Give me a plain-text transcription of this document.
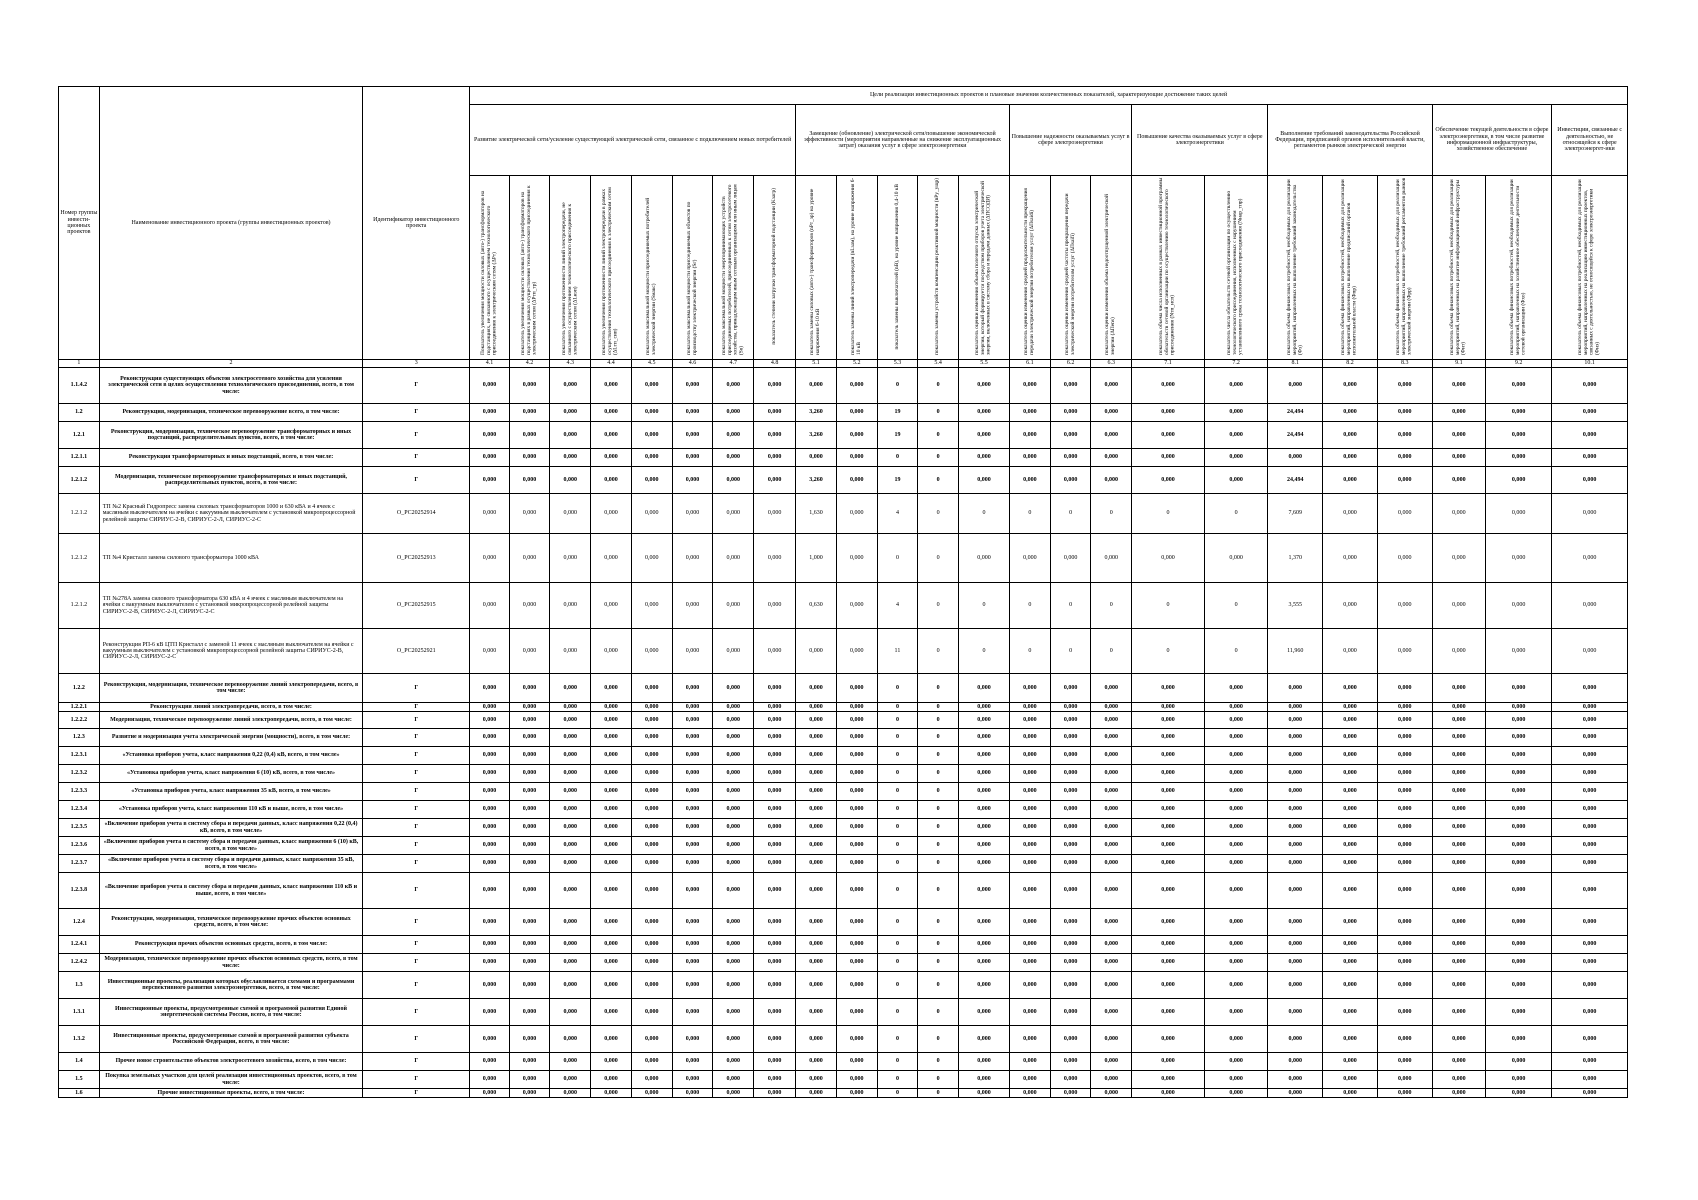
Номер группы инвести-ционных проектов	Наименование инвестиционного проекта (группы инвестиционных проектов)	Идентификатор инвестиционного проекта	Цели реализации инвестиционных проектов и плановые значения количественных показателей, характеризующие достижение таких целей																							
			Развитие электрической сети/усиление существующей электрической сети, связанное с подключением новых потребителей								Замещение (обновление) электрической сети/повышение экономической эффективности (мероприятия направленные на снижение эксплуатационных затрат) оказания услуг в сфере электроэнергетики					Повышение надежности оказываемых услуг в сфере электроэнергетики			Повышение качества оказываемых услуг в сфере электроэнергетики		Выполнение требований законодательства Российской Федерации, предписаний органов исполнительной власти, регламентов рынков электрической энергии			Обеспечение текущей деятельности в сфере электроэнергетики, в том числе развитие информационной инфраструктуры, хозяйственное обеспечение		Инвестиции, связанные с деятельностью, не относящейся к сфере электроэнергет-ики
			Показатель увеличения мощности силовых (авто-) трансформаторов на подстанциях, не связанного с осуществлением технологического присоединения к электрическим сетям (ΔPт)	показатель увеличения мощности силовых (авто-) трансформаторов на подстанциях в рамках осуществления технологического присоединения к электрическим сетям (ΔPтп_тр)	показатель увеличения протяженности линий электропередачи, не связанного с осуществлением технологического присоединения к электрическим сетям (ΔLнэп)	показатель увеличения протяженности линий электропередачи в рамках осуществления технологического присоединения к электрическим сетям (ΔLтп_сип)	показатель максимальной мощности присоединяемых потребителей электрической энергии (Sмакс)	показатель максимальной мощности присоединяемых объектов по производству электрической энергии (Sг)	показатель максимальной мощности энергопринимающих устройств присоединяемых потребителей, присоединенных к сетям электросетевого хозяйства, принадлежащим иным сетевым организациям или иным лицам (Sя)	показатель степени загрузки трансформаторной подстанции (Kзагр)	показатель замены силовых (авто-) трансформаторов (nPт_зр) на уровне напряжения 6-10 кВ	показатель замены линий электропередачи (nLзам), на уровне напряжения 6-10 кВ	показатель замены выключателей (nВ), на уровне напряжения 0,4-10 кВ	показатель замены устройств компенсации реактивной мощности (nPу_ущр)	показатель оценки изменения объема полезного отпуска электрической энергии, который формируется посредством приборов учета электрической энергии, включенных в систему сбора и передачи данных (ΔПСОДИ)	показатель оценки изменения средней продолжительности прекращения передачи электрической энергии потребителям услуг (ΔПsaidi)	показатель оценки изменения средней частоты прекращения передачи электрической энергии потребителям услуг (ΔПsaifi)	показатель оценки изменения объема недоотпущенной электрической энергии (ΔПens)	показатель объема числа исполненных в рамках инвестиционной программы обязательств сетевой организации по осуществлению технологического присоединения (Nтп_исп)	показатель числа обязательств сетевой организации по осуществлению технологического присоединения, исполненных с нарушением установленного срока технологического присоединения (Nнар_тпр)	показатель объема финансовых потребностей, необходимых для реализации мероприятий, направленных на выполнение требований законодательства (Фз)	показатель объема финансовых потребностей, необходимых для реализации мероприятий, направленных на выполнение предписаний органов исполнительной власти (Фпр)	показатель объема финансовых потребностей, необходимых для реализации мероприятий, направленных на выполнение требований регламентов рынков электрической энергии (Фрр)	показатель объема финансовых потребностей, необходимых для реализации мероприятий, направленных на развитие информационной инфраструктуры (Фит)	показатель объема финансовых потребностей, необходимых для реализации мероприятий, направленных на хозяйственное обеспечение деятельности сетевой организации (Фхо)	показатель объема финансовых потребностей, необходимых для реализации мероприятий, направленных на реализацию инвестиционных проектов, связанных с деятельностью, не относящейся к сфере электроэнергетики (Фнэ)
1	2	3	4.1	4.2	4.3	4.4	4.5	4.6	4.7	4.8	5.1	5.2	5.3	5.4	5.5	6.1	6.2	6.3	7.1	7.2	8.1	8.2	8.3	9.1	9.2	10.1
1.1.4.2	Реконструкция существующих объектов электросетевого хозяйства для усиления электрической сети в целях осуществления технологического присоединения, всего, в том числе:	Г	0,000	0,000	0,000	0,000	0,000	0,000	0,000	0,000	0,000	0,000	0	0	0,000	0,000	0,000	0,000	0,000	0,000	0,000	0,000	0,000	0,000	0,000	0,000
1.2	Реконструкция, модернизация, техническое перевооружение всего, в том числе:	Г	0,000	0,000	0,000	0,000	0,000	0,000	0,000	0,000	3,260	0,000	19	0	0,000	0,000	0,000	0,000	0,000	0,000	24,494	0,000	0,000	0,000	0,000	0,000
1.2.1	Реконструкция, модернизация, техническое перевооружение трансформаторных и иных подстанций, распределительных пунктов, всего, в том числе:	Г	0,000	0,000	0,000	0,000	0,000	0,000	0,000	0,000	3,260	0,000	19	0	0,000	0,000	0,000	0,000	0,000	0,000	24,494	0,000	0,000	0,000	0,000	0,000
1.2.1.1	Реконструкция трансформаторных и иных подстанций, всего, в том числе:	Г	0,000	0,000	0,000	0,000	0,000	0,000	0,000	0,000	0,000	0,000	0	0	0,000	0,000	0,000	0,000	0,000	0,000	0,000	0,000	0,000	0,000	0,000	0,000
1.2.1.2	Модернизация, техническое перевооружение трансформаторных и иных подстанций, распределительных пунктов, всего, в том числе:	Г	0,000	0,000	0,000	0,000	0,000	0,000	0,000	0,000	3,260	0,000	19	0	0,000	0,000	0,000	0,000	0,000	0,000	24,494	0,000	0,000	0,000	0,000	0,000
1.2.1.2	ТП №2 Красный Гидропресс замена силовых трансформаторов 1000 и 630 кВА и 4 ячеек с масляным выключателем на ячейки с вакуумным выключателем с установкой микропроцессорной релейной защиты СИРИУС-2-В, СИРИУС-2-Л, СИРИУС-2-С	О_РС20252914	0,000	0,000	0,000	0,000	0,000	0,000	0,000	0,000	1,630	0,000	4	0	0	0	0	0	0	0	7,609	0,000	0,000	0,000	0,000	0,000
1.2.1.2	ТП №4 Кристалл замена силового трансформатора 1000 кВА	О_РС20252913	0,000	0,000	0,000	0,000	0,000	0,000	0,000	0,000	1,000	0,000	0	0	0,000	0,000	0,000	0,000	0,000	0,000	1,370	0,000	0,000	0,000	0,000	0,000
1.2.1.2	ТП №278А замена силового трансформатора 630 кВА и 4 ячеек с масляным выключателем на ячейки с вакуумным выключателем с установкой микропроцессорной релейной защиты СИРИУС-2-В, СИРИУС-2-Л, СИРИУС-2-С	О_РС20252915	0,000	0,000	0,000	0,000	0,000	0,000	0,000	0,000	0,630	0,000	4	0	0	0	0	0	0	0	3,555	0,000	0,000	0,000	0,000	0,000
	Реконструкция РП-6 кВ ЦТП Кристалл с заменой 11 ячеек с масляным выключателем на ячейки с вакуумным выключателем с установкой микропроцессорной релейной защиты СИРИУС-2-В, СИРИУС-2-Л, СИРИУС-2-С	О_РС20252921	0,000	0,000	0,000	0,000	0,000	0,000	0,000	0,000	0,000	0,000	11	0	0	0	0	0	0	0	11,960	0,000	0,000	0,000	0,000	0,000
1.2.2	Реконструкция, модернизация, техническое перевооружение линий электропередачи, всего, в том числе:	Г	0,000	0,000	0,000	0,000	0,000	0,000	0,000	0,000	0,000	0,000	0	0	0,000	0,000	0,000	0,000	0,000	0,000	0,000	0,000	0,000	0,000	0,000	0,000
1.2.2.1	Реконструкция линий электропередачи, всего, в том числе:	Г	0,000	0,000	0,000	0,000	0,000	0,000	0,000	0,000	0,000	0,000	0	0	0,000	0,000	0,000	0,000	0,000	0,000	0,000	0,000	0,000	0,000	0,000	0,000
1.2.2.2	Модернизация, техническое перевооружение линий электропередачи, всего, в том числе:	Г	0,000	0,000	0,000	0,000	0,000	0,000	0,000	0,000	0,000	0,000	0	0	0,000	0,000	0,000	0,000	0,000	0,000	0,000	0,000	0,000	0,000	0,000	0,000
1.2.3	Развитие и модернизация учета электрической энергии (мощности), всего, в том числе:	Г	0,000	0,000	0,000	0,000	0,000	0,000	0,000	0,000	0,000	0,000	0	0	0,000	0,000	0,000	0,000	0,000	0,000	0,000	0,000	0,000	0,000	0,000	0,000
1.2.3.1	«Установка приборов учета, класс напряжения 0,22 (0,4) кВ, всего, в том числе»	Г	0,000	0,000	0,000	0,000	0,000	0,000	0,000	0,000	0,000	0,000	0	0	0,000	0,000	0,000	0,000	0,000	0,000	0,000	0,000	0,000	0,000	0,000	0,000
1.2.3.2	«Установка приборов учета, класс напряжения 6 (10) кВ, всего, в том числе»	Г	0,000	0,000	0,000	0,000	0,000	0,000	0,000	0,000	0,000	0,000	0	0	0,000	0,000	0,000	0,000	0,000	0,000	0,000	0,000	0,000	0,000	0,000	0,000
1.2.3.3	«Установка приборов учета, класс напряжения 35 кВ, всего, в том числе»	Г	0,000	0,000	0,000	0,000	0,000	0,000	0,000	0,000	0,000	0,000	0	0	0,000	0,000	0,000	0,000	0,000	0,000	0,000	0,000	0,000	0,000	0,000	0,000
1.2.3.4	«Установка приборов учета, класс напряжения 110 кВ и выше, всего, в том числе»	Г	0,000	0,000	0,000	0,000	0,000	0,000	0,000	0,000	0,000	0,000	0	0	0,000	0,000	0,000	0,000	0,000	0,000	0,000	0,000	0,000	0,000	0,000	0,000
1.2.3.5	«Включение приборов учета в систему сбора и передачи данных, класс напряжения 0,22 (0,4) кВ, всего, в том числе»	Г	0,000	0,000	0,000	0,000	0,000	0,000	0,000	0,000	0,000	0,000	0	0	0,000	0,000	0,000	0,000	0,000	0,000	0,000	0,000	0,000	0,000	0,000	0,000
1.2.3.6	«Включение приборов учета в систему сбора и передачи данных, класс напряжения 6 (10) кВ, всего, в том числе»	Г	0,000	0,000	0,000	0,000	0,000	0,000	0,000	0,000	0,000	0,000	0	0	0,000	0,000	0,000	0,000	0,000	0,000	0,000	0,000	0,000	0,000	0,000	0,000
1.2.3.7	«Включение приборов учета в систему сбора и передачи данных, класс напряжения 35 кВ, всего, в том числе»	Г	0,000	0,000	0,000	0,000	0,000	0,000	0,000	0,000	0,000	0,000	0	0	0,000	0,000	0,000	0,000	0,000	0,000	0,000	0,000	0,000	0,000	0,000	0,000
1.2.3.8	«Включение приборов учета в систему сбора и передачи данных, класс напряжения 110 кВ и выше, всего, в том числе»	Г	0,000	0,000	0,000	0,000	0,000	0,000	0,000	0,000	0,000	0,000	0	0	0,000	0,000	0,000	0,000	0,000	0,000	0,000	0,000	0,000	0,000	0,000	0,000
1.2.4	Реконструкция, модернизация, техническое перевооружение прочих объектов основных средств, всего, в том числе:	Г	0,000	0,000	0,000	0,000	0,000	0,000	0,000	0,000	0,000	0,000	0	0	0,000	0,000	0,000	0,000	0,000	0,000	0,000	0,000	0,000	0,000	0,000	0,000
1.2.4.1	Реконструкция прочих объектов основных средств, всего, в том числе:	Г	0,000	0,000	0,000	0,000	0,000	0,000	0,000	0,000	0,000	0,000	0	0	0,000	0,000	0,000	0,000	0,000	0,000	0,000	0,000	0,000	0,000	0,000	0,000
1.2.4.2	Модернизация, техническое перевооружение прочих объектов основных средств, всего, в том числе:	Г	0,000	0,000	0,000	0,000	0,000	0,000	0,000	0,000	0,000	0,000	0	0	0,000	0,000	0,000	0,000	0,000	0,000	0,000	0,000	0,000	0,000	0,000	0,000
1.3	Инвестиционные проекты, реализация которых обуславливается схемами и программами перспективного развития электроэнергетики, всего, в том числе:	Г	0,000	0,000	0,000	0,000	0,000	0,000	0,000	0,000	0,000	0,000	0	0	0,000	0,000	0,000	0,000	0,000	0,000	0,000	0,000	0,000	0,000	0,000	0,000
1.3.1	Инвестиционные проекты, предусмотренные схемой и программой развития Единой энергетической системы России, всего, в том числе:	Г	0,000	0,000	0,000	0,000	0,000	0,000	0,000	0,000	0,000	0,000	0	0	0,000	0,000	0,000	0,000	0,000	0,000	0,000	0,000	0,000	0,000	0,000	0,000
1.3.2	Инвестиционные проекты, предусмотренные схемой и программой развития субъекта Российской Федерации, всего, в том числе:	Г	0,000	0,000	0,000	0,000	0,000	0,000	0,000	0,000	0,000	0,000	0	0	0,000	0,000	0,000	0,000	0,000	0,000	0,000	0,000	0,000	0,000	0,000	0,000
1.4	Прочее новое строительство объектов электросетевого хозяйства, всего, в том числе:	Г	0,000	0,000	0,000	0,000	0,000	0,000	0,000	0,000	0,000	0,000	0	0	0,000	0,000	0,000	0,000	0,000	0,000	0,000	0,000	0,000	0,000	0,000	0,000
1.5	Покупка земельных участков для целей реализации инвестиционных проектов, всего, в том числе:	Г	0,000	0,000	0,000	0,000	0,000	0,000	0,000	0,000	0,000	0,000	0	0	0,000	0,000	0,000	0,000	0,000	0,000	0,000	0,000	0,000	0,000	0,000	0,000
1.6	Прочие инвестиционные проекты, всего, в том числе:	Г	0,000	0,000	0,000	0,000	0,000	0,000	0,000	0,000	0,000	0,000	0	0	0,000	0,000	0,000	0,000	0,000	0,000	0,000	0,000	0,000	0,000	0,000	0,000
